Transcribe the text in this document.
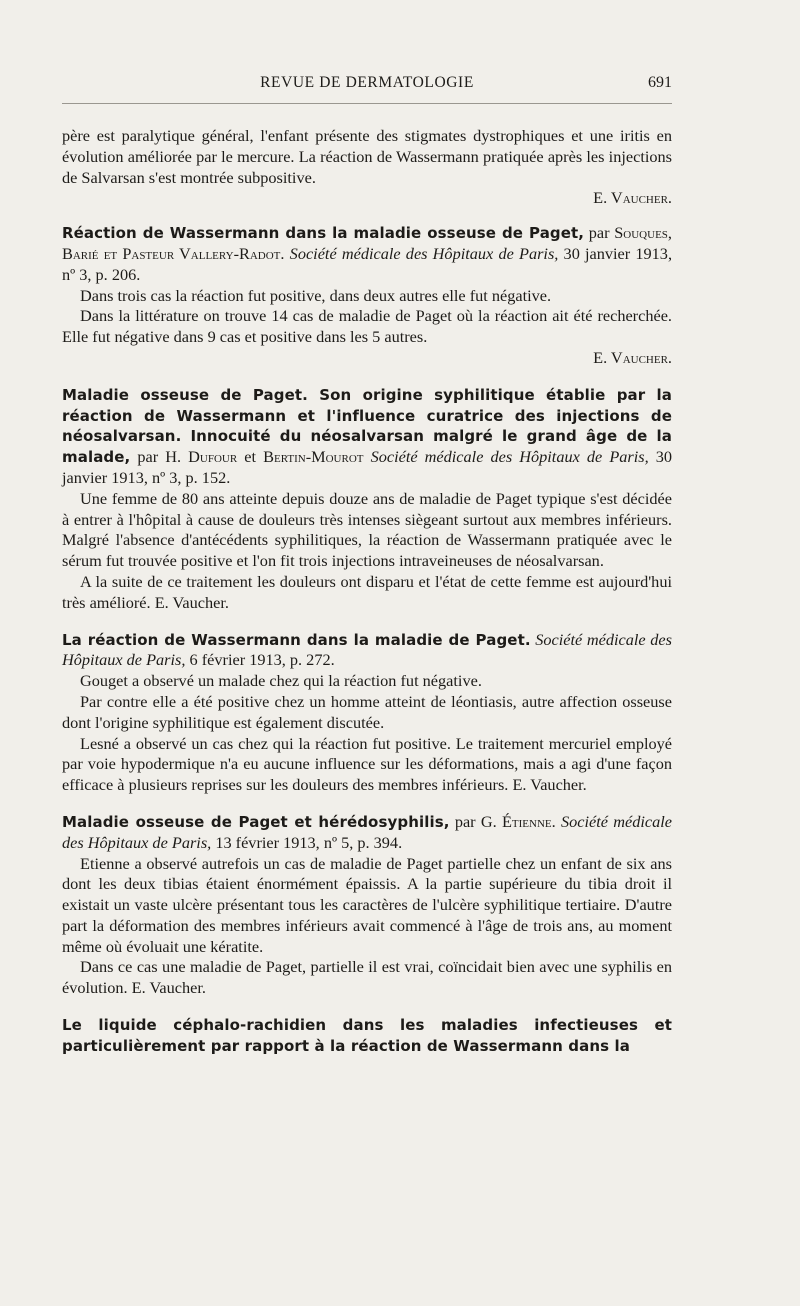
REVUE DE DERMATOLOGIE	691

père est paralytique général, l'enfant présente des stigmates dystrophiques et une iritis en évolution améliorée par le mercure. La réaction de Wassermann pratiquée après les injections de Salvarsan s'est montrée subpositive.

E. Vaucher.

Réaction de Wassermann dans la maladie osseuse de Paget, par Souques, Barié et Pasteur Vallery-Radot. Société médicale des Hôpitaux de Paris, 30 janvier 1913, nº 3, p. 206.

Dans trois cas la réaction fut positive, dans deux autres elle fut négative.

Dans la littérature on trouve 14 cas de maladie de Paget où la réaction ait été recherchée. Elle fut négative dans 9 cas et positive dans les 5 autres.

E. Vaucher.

Maladie osseuse de Paget. Son origine syphilitique établie par la réaction de Wassermann et l'influence curatrice des injections de néosalvarsan. Innocuité du néosalvarsan malgré le grand âge de la malade, par H. Dufour et Bertin-Mourot Société médicale des Hôpitaux de Paris, 30 janvier 1913, nº 3, p. 152.

Une femme de 80 ans atteinte depuis douze ans de maladie de Paget typique s'est décidée à entrer à l'hôpital à cause de douleurs très intenses siègeant surtout aux membres inférieurs. Malgré l'absence d'antécédents syphilitiques, la réaction de Wassermann pratiquée avec le sérum fut trouvée positive et l'on fit trois injections intraveineuses de néosalvarsan.

A la suite de ce traitement les douleurs ont disparu et l'état de cette femme est aujourd'hui très amélioré. E. Vaucher.

La réaction de Wassermann dans la maladie de Paget. Société médicale des Hôpitaux de Paris, 6 février 1913, p. 272.

Gouget a observé un malade chez qui la réaction fut négative.

Par contre elle a été positive chez un homme atteint de léontiasis, autre affection osseuse dont l'origine syphilitique est également discutée.

Lesné a observé un cas chez qui la réaction fut positive. Le traitement mercuriel employé par voie hypodermique n'a eu aucune influence sur les déformations, mais a agi d'une façon efficace à plusieurs reprises sur les douleurs des membres inférieurs. E. Vaucher.

Maladie osseuse de Paget et hérédosyphilis, par G. Étienne. Société médicale des Hôpitaux de Paris, 13 février 1913, nº 5, p. 394.

Etienne a observé autrefois un cas de maladie de Paget partielle chez un enfant de six ans dont les deux tibias étaient énormément épaissis. A la partie supérieure du tibia droit il existait un vaste ulcère présentant tous les caractères de l'ulcère syphilitique tertiaire. D'autre part la déformation des membres inférieurs avait commencé à l'âge de trois ans, au moment même où évoluait une kératite.

Dans ce cas une maladie de Paget, partielle il est vrai, coïncidait bien avec une syphilis en évolution. E. Vaucher.

Le liquide céphalo-rachidien dans les maladies infectieuses et particulièrement par rapport à la réaction de Wassermann dans la
